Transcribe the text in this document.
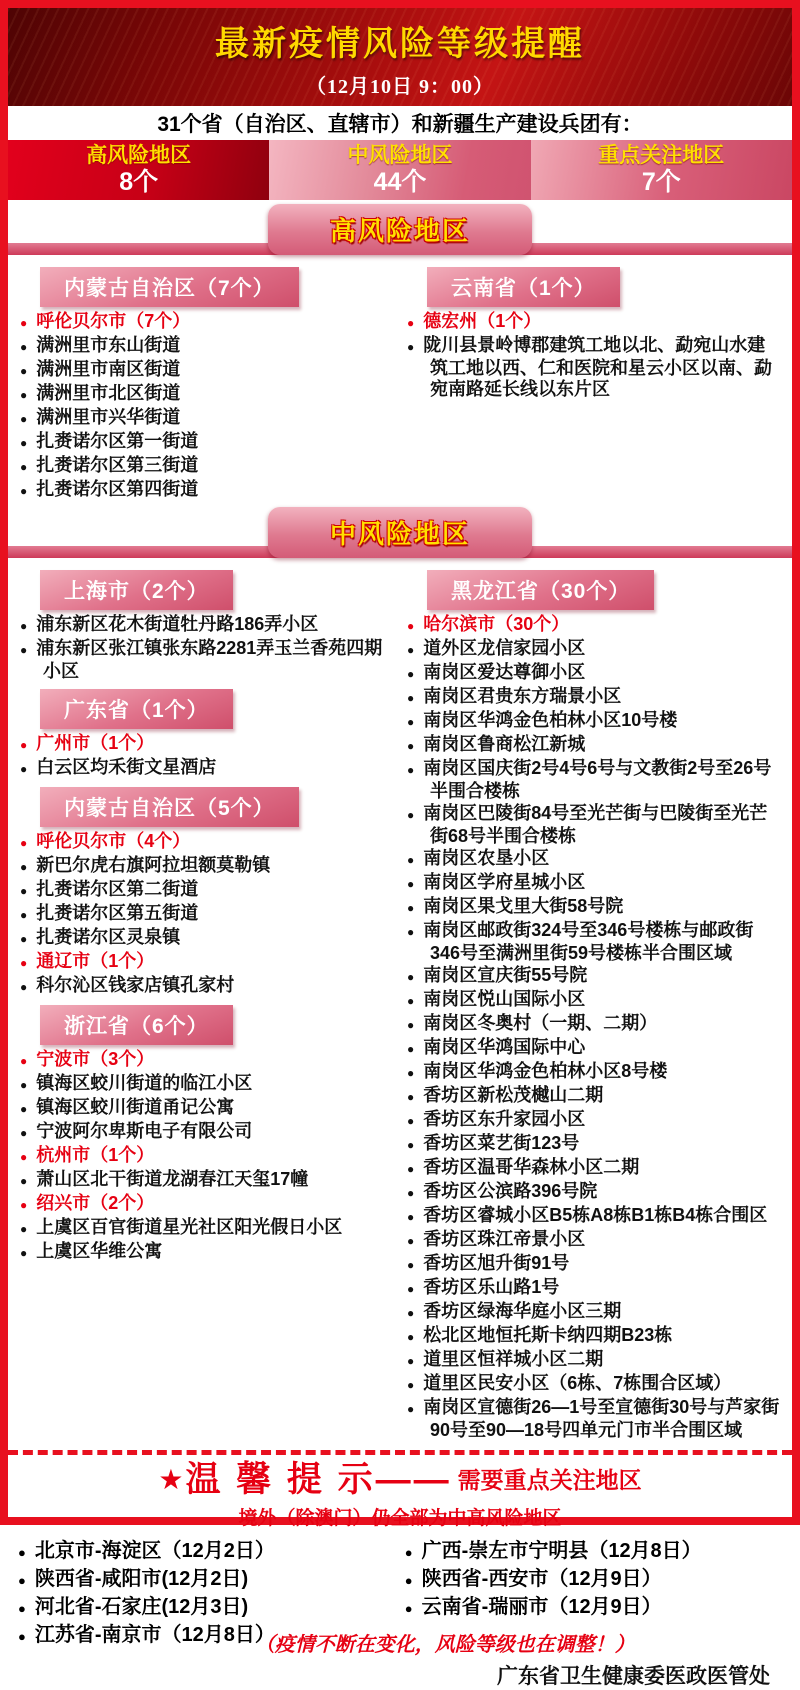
最新疫情风险等级提醒
（12月10日 9：00）
31个省（自治区、直辖市）和新疆生产建设兵团有：
高风险地区
8个
中风险地区
44个
重点关注地区
7个
高风险地区
内蒙古自治区（7个）
● 呼伦贝尔市（7个）
● 满洲里市东山街道
● 满洲里市南区街道
● 满洲里市北区街道
● 满洲里市兴华街道
● 扎赉诺尔区第一街道
● 扎赉诺尔区第三街道
● 扎赉诺尔区第四街道
云南省（1个）
● 德宏州（1个）
● 陇川县景岭博郡建筑工地以北、勐宛山水建筑工地以西、仁和医院和星云小区以南、勐宛南路延长线以东片区
中风险地区
上海市（2个）
● 浦东新区花木街道牡丹路186弄小区
● 浦东新区张江镇张东路2281弄玉兰香苑四期小区
广东省（1个）
● 广州市（1个）
● 白云区均禾街文星酒店
内蒙古自治区（5个）
● 呼伦贝尔市（4个）
● 新巴尔虎右旗阿拉坦额莫勒镇
● 扎赉诺尔区第二街道
● 扎赉诺尔区第五街道
● 扎赉诺尔区灵泉镇
● 通辽市（1个）
● 科尔沁区钱家店镇孔家村
浙江省（6个）
● 宁波市（3个）
● 镇海区蛟川街道的临江小区
● 镇海区蛟川街道甬记公寓
● 宁波阿尔卑斯电子有限公司
● 杭州市（1个）
● 萧山区北干街道龙湖春江天玺17幢
● 绍兴市（2个）
● 上虞区百官街道星光社区阳光假日小区
● 上虞区华维公寓
黑龙江省（30个）
● 哈尔滨市（30个）
● 道外区龙信家园小区
● 南岗区爱达尊御小区
● 南岗区君贵东方瑞景小区
● 南岗区华鸿金色柏林小区10号楼
● 南岗区鲁商松江新城
● 南岗区国庆街2号4号6号与文教街2号至26号半围合楼栋
● 南岗区巴陵街84号至光芒街与巴陵街至光芒街68号半围合楼栋
● 南岗区农垦小区
● 南岗区学府星城小区
● 南岗区果戈里大街58号院
● 南岗区邮政街324号至346号楼栋与邮政街346号至满洲里街59号楼栋半合围区域
● 南岗区宣庆街55号院
● 南岗区悦山国际小区
● 南岗区冬奥村（一期、二期）
● 南岗区华鸿国际中心
● 南岗区华鸿金色柏林小区8号楼
● 香坊区新松茂樾山二期
● 香坊区东升家园小区
● 香坊区菜艺街123号
● 香坊区温哥华森林小区二期
● 香坊区公滨路396号院
● 香坊区睿城小区B5栋A8栋B1栋B4栋合围区
● 香坊区珠江帝景小区
● 香坊区旭升街91号
● 香坊区乐山路1号
● 香坊区绿海华庭小区三期
● 松北区地恒托斯卡纳四期B23栋
● 道里区恒祥城小区二期
● 道里区民安小区（6栋、7栋围合区域）
● 南岗区宣德街26—1号至宣德街30号与芦家街90号至90—18号四单元门市半合围区域
★温 馨 提 示—— 需要重点关注地区
境外（除澳门）仍全部为中高风险地区
● 北京市-海淀区（12月2日）
● 陕西省-咸阳市(12月2日)
● 河北省-石家庄(12月3日)
● 江苏省-南京市（12月8日）
● 广西-崇左市宁明县（12月8日）
● 陕西省-西安市（12月9日）
● 云南省-瑞丽市（12月9日）
（疫情不断在变化，风险等级也在调整！）
广东省卫生健康委医政医管处
